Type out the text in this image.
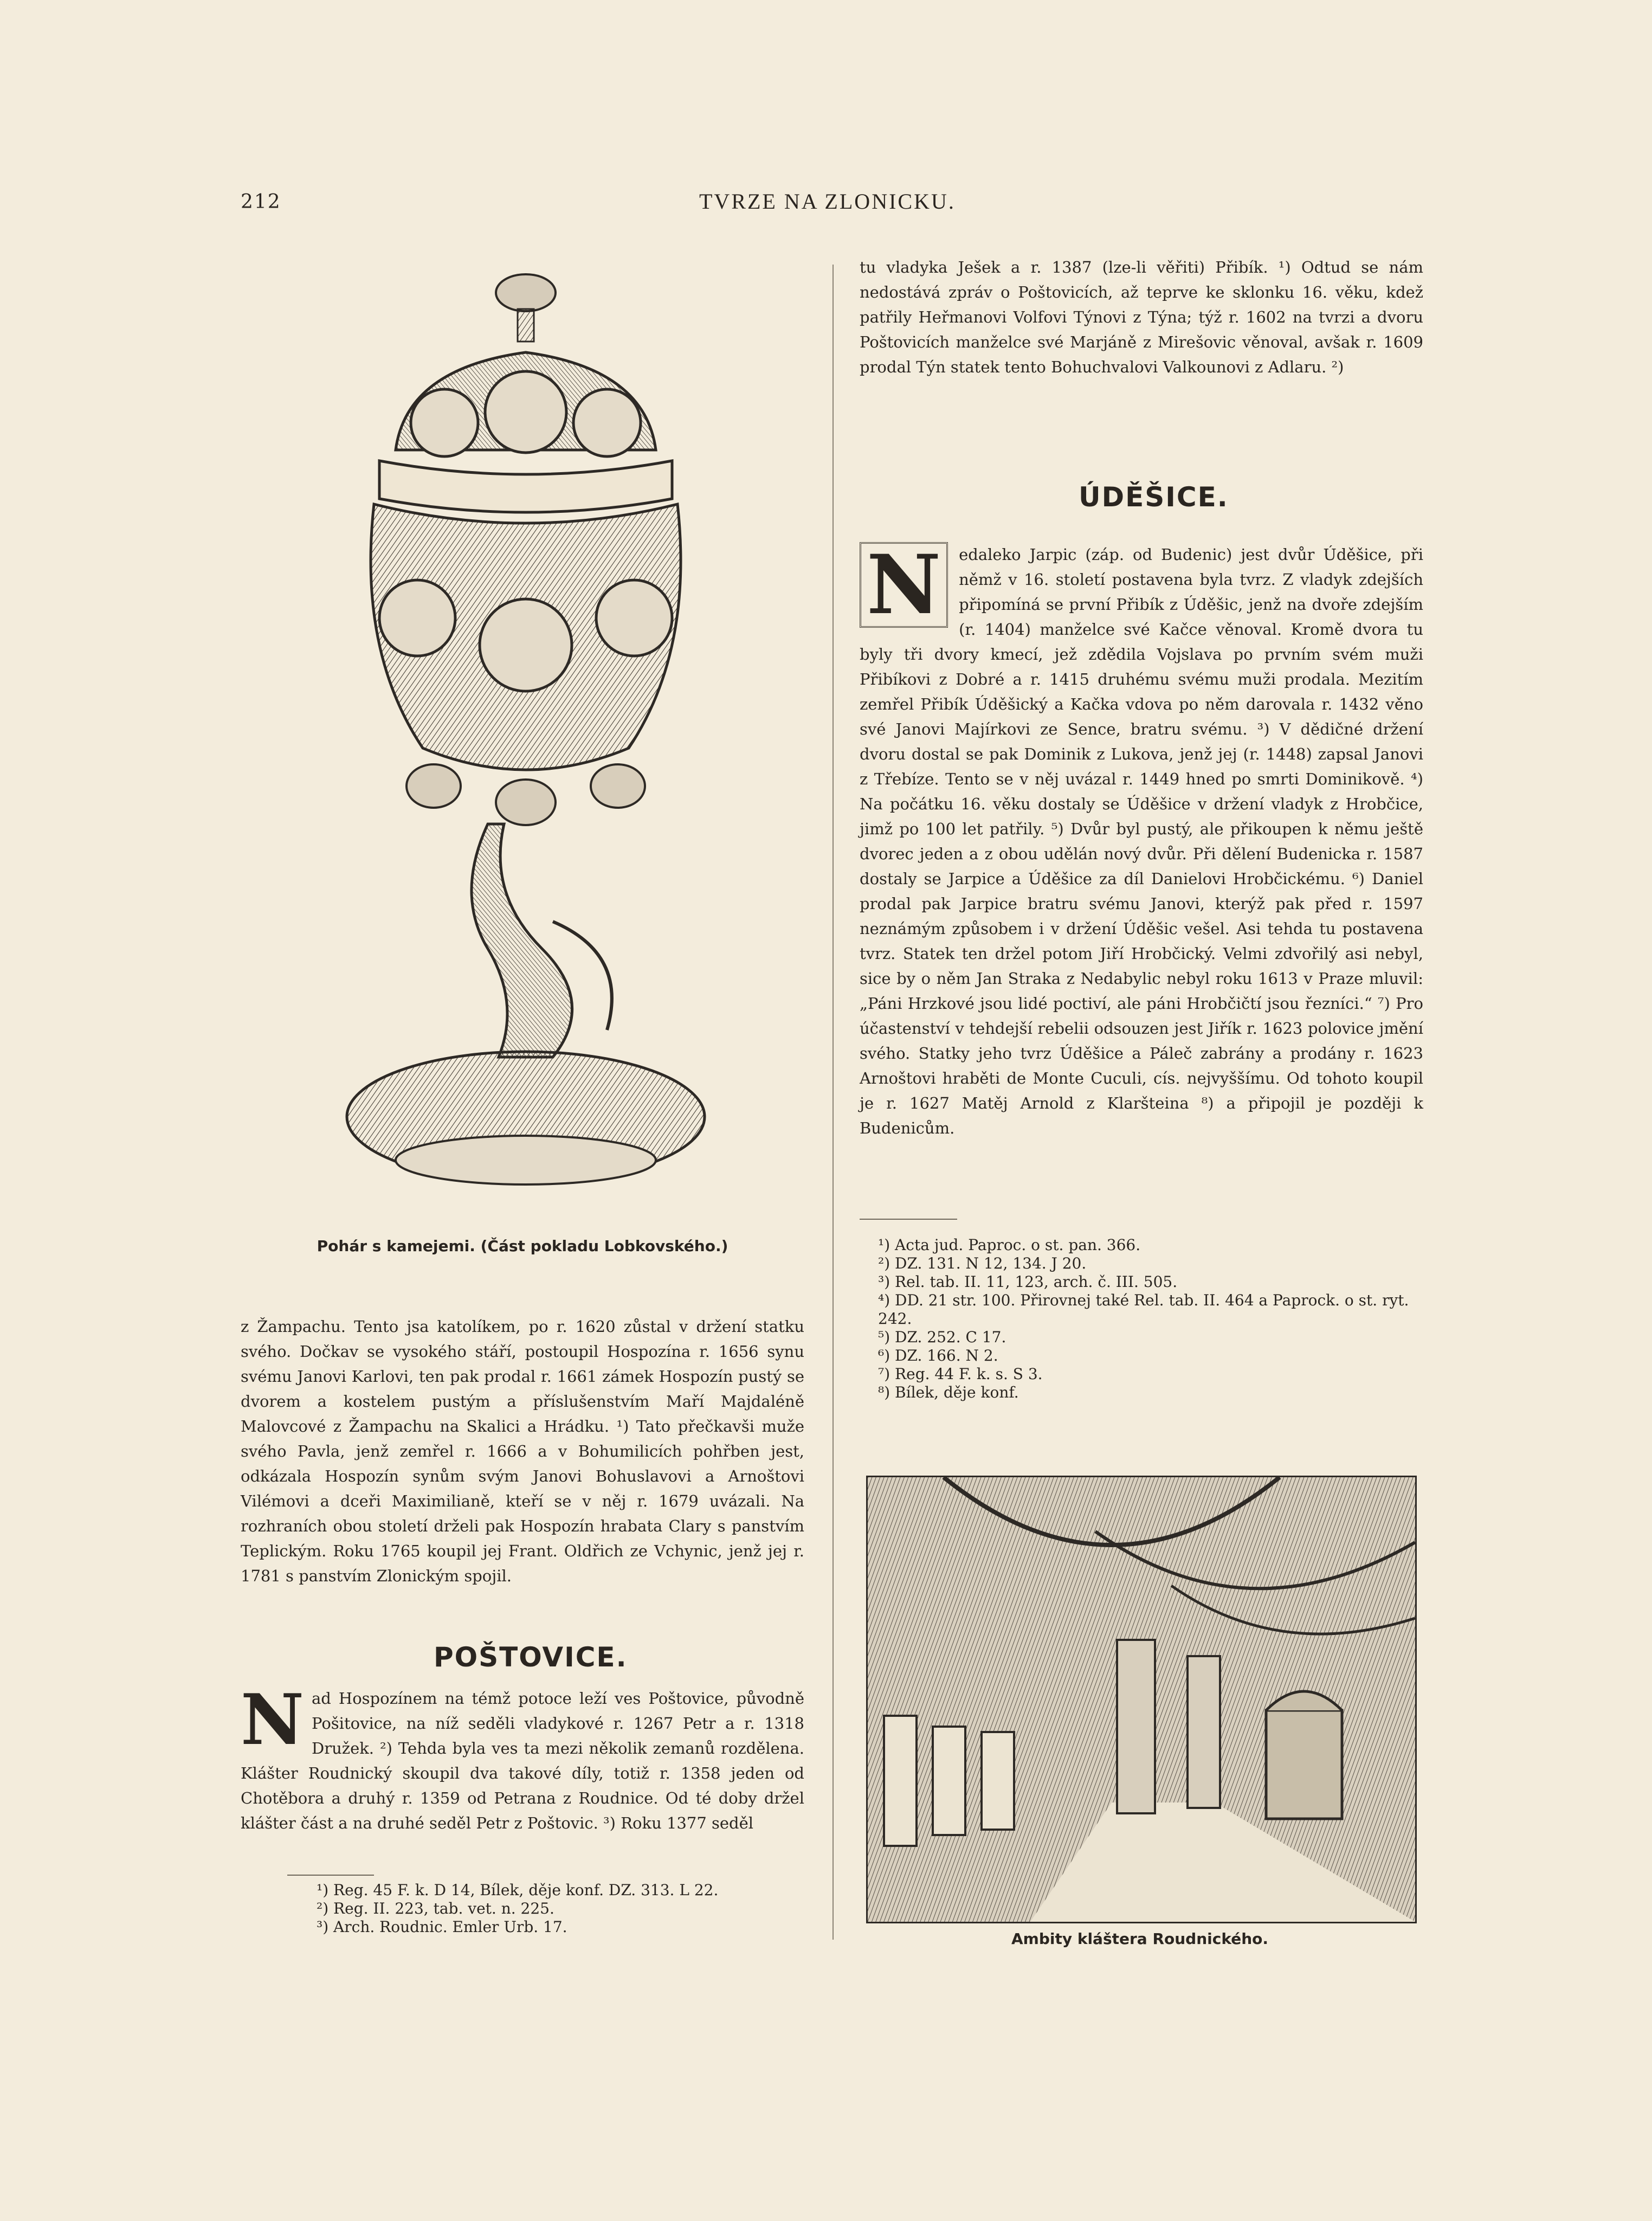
212	TVRZE NA ZLONICKU.
Pohár s kamejemi. (Část pokladu Lobkovského.)

z Žampachu. Tento jsa katolíkem, po r. 1620 zůstal v držení statku svého. Dočkav se vysokého stáří, postoupil Hospozína r. 1656 synu svému Janovi Karlovi, ten pak prodal r. 1661 zámek Hospozín pustý se dvorem a kostelem pustým a příslušenstvím Maří Majdaléně Malovcové z Žampachu na Skalici a Hrádku. ¹) Tato přečkavši muže svého Pavla, jenž zemřel r. 1666 a v Bohumilicích pohřben jest, odkázala Hospozín synům svým Janovi Bohuslavovi a Arnoštovi Vilémovi a dceři Maximilianě, kteří se v něj r. 1679 uvázali. Na rozhraních obou století drželi pak Hospozín hrabata Clary s panstvím Teplickým. Roku 1765 koupil jej Frant. Oldřich ze Vchynic, jenž jej r. 1781 s panstvím Zlonickým spojil.

POŠTOVICE.
N ad Hospozínem na témž potoce leží ves Poštovice, původně Pošitovice, na níž seděli vladykové r. 1267 Petr a r. 1318 Družek. ²) Tehda byla ves ta mezi několik zemanů rozdělena. Klášter Roudnický skoupil dva takové díly, totiž r. 1358 jeden od Chotěbora a druhý r. 1359 od Petrana z Roudnice. Od té doby držel klášter část a na druhé seděl Petr z Poštovic. ³) Roku 1377 seděl

¹) Reg. 45 F. k. D 14, Bílek, děje konf. DZ. 313. L 22.
²) Reg. II. 223, tab. vet. n. 225.
³) Arch. Roudnic. Emler Urb. 17.

tu vladyka Ješek a r. 1387 (lze-li věřiti) Přibík. ¹) Odtud se nám nedostává zpráv o Poštovicích, až teprve ke sklonku 16. věku, kdež patřily Heřmanovi Volfovi Týnovi z Týna; týž r. 1602 na tvrzi a dvoru Poštovicích manželce své Marjáně z Mirešovic věnoval, avšak r. 1609 prodal Týn statek tento Bohuchvalovi Valkounovi z Adlaru. ²)

ÚDĚŠICE.
N	edaleko Jarpic (záp. od Budenic) jest dvůr Úděšice, při němž v 16. století postavena byla tvrz. Z vladyk zdejších připomíná se první Přibík z Úděšic, jenž na dvoře zdejším (r. 1404) manželce své Kačce věnoval. Kromě dvora tu byly tři dvory kmecí, jež zdědila Vojslava po prvním svém muži Přibíkovi z Dobré a r. 1415 druhému svému muži prodala. Mezitím zemřel Přibík Úděšický a Kačka vdova po něm darovala r. 1432 věno své Janovi Majírkovi ze Sence, bratru svému. ³) V dědičné držení dvoru dostal se pak Dominik z Lukova, jenž jej (r. 1448) zapsal Janovi z Třebíze. Tento se v něj uvázal r. 1449 hned po smrti Dominikově. ⁴) Na počátku 16. věku dostaly se Úděšice v držení vladyk z Hrobčice, jimž po 100 let patřily. ⁵) Dvůr byl pustý, ale přikoupen k němu ještě dvorec jeden a z obou udělán nový dvůr. Při dělení Budenicka r. 1587 dostaly se Jarpice a Úděšice za díl Danielovi Hrobčickému. ⁶) Daniel prodal pak Jarpice bratru svému Janovi, kterýž pak před r. 1597 neznámým způsobem i v držení Úděšic vešel. Asi tehda tu postavena tvrz. Statek ten držel potom Jiří Hrobčický. Velmi zdvořilý asi nebyl, sice by o něm Jan Straka z Nedabylic nebyl roku 1613 v Praze mluvil: „Páni Hrzkové jsou lidé poctiví, ale páni Hrobčičtí jsou řezníci.“ ⁷) Pro účastenství v tehdejší rebelii odsouzen jest Jiřík r. 1623 polovice jmění svého. Statky jeho tvrz Úděšice a Páleč zabrány a prodány r. 1623 Arnoštovi hraběti de Monte Cuculi, cís. nejvyššímu. Od tohoto koupil je r. 1627 Matěj Arnold z Klaršteina ⁸) a připojil je později k Budenicům.

¹) Acta jud. Paproc. o st. pan. 366.
²) DZ. 131. N 12, 134. J 20.
³) Rel. tab. II. 11, 123, arch. č. III. 505.
⁴) DD. 21 str. 100. Přirovnej také Rel. tab. II. 464 a Paprock. o st. ryt. 242.
⁵) DZ. 252. C 17.
⁶) DZ. 166. N 2.
⁷) Reg. 44 F. k. s. S 3.
⁸) Bílek, děje konf.
Ambity kláštera Roudnického.
